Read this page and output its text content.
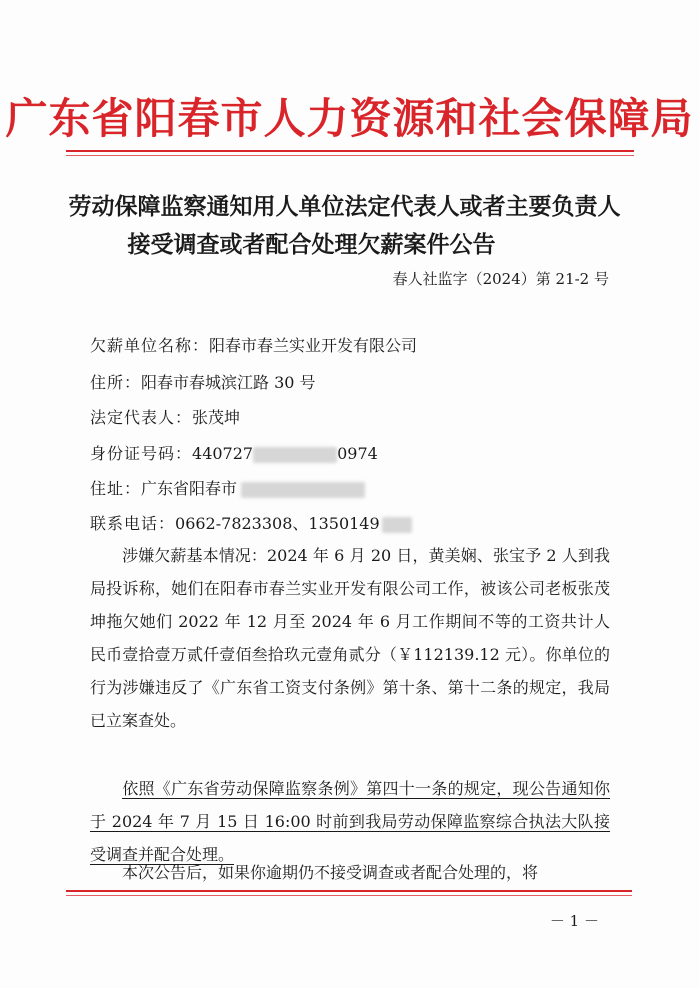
广东省阳春市人力资源和社会保障局
劳动保障监察通知用人单位法定代表人或者主要负责人
接受调查或者配合处理欠薪案件公告
春人社监字（2024）第 21-2 号
欠薪单位名称：阳春市春兰实业开发有限公司
住所：阳春市春城滨江路 30 号
法定代表人：张茂坤
身份证号码：440727	0974
住址：广东省阳春市
联系电话：0662-7823308、1350149
涉嫌欠薪基本情况：2024 年 6 月 20 日，黄美娴、张宝予 2 人到我局投诉称，她们在阳春市春兰实业开发有限公司工作，被该公司老板张茂坤拖欠她们 2022 年 12 月至 2024 年 6 月工作期间不等的工资共计人民币壹拾壹万贰仟壹佰叁拾玖元壹角贰分（￥112139.12 元）。你单位的行为涉嫌违反了《广东省工资支付条例》第十条、第十二条的规定，我局已立案查处。
依照《广东省劳动保障监察条例》第四十一条的规定，现公告通知你于 2024 年 7 月 15 日 16:00 时前到我局劳动保障监察综合执法大队接受调查并配合处理。
本次公告后，如果你逾期仍不接受调查或者配合处理的，将
－ 1 －
